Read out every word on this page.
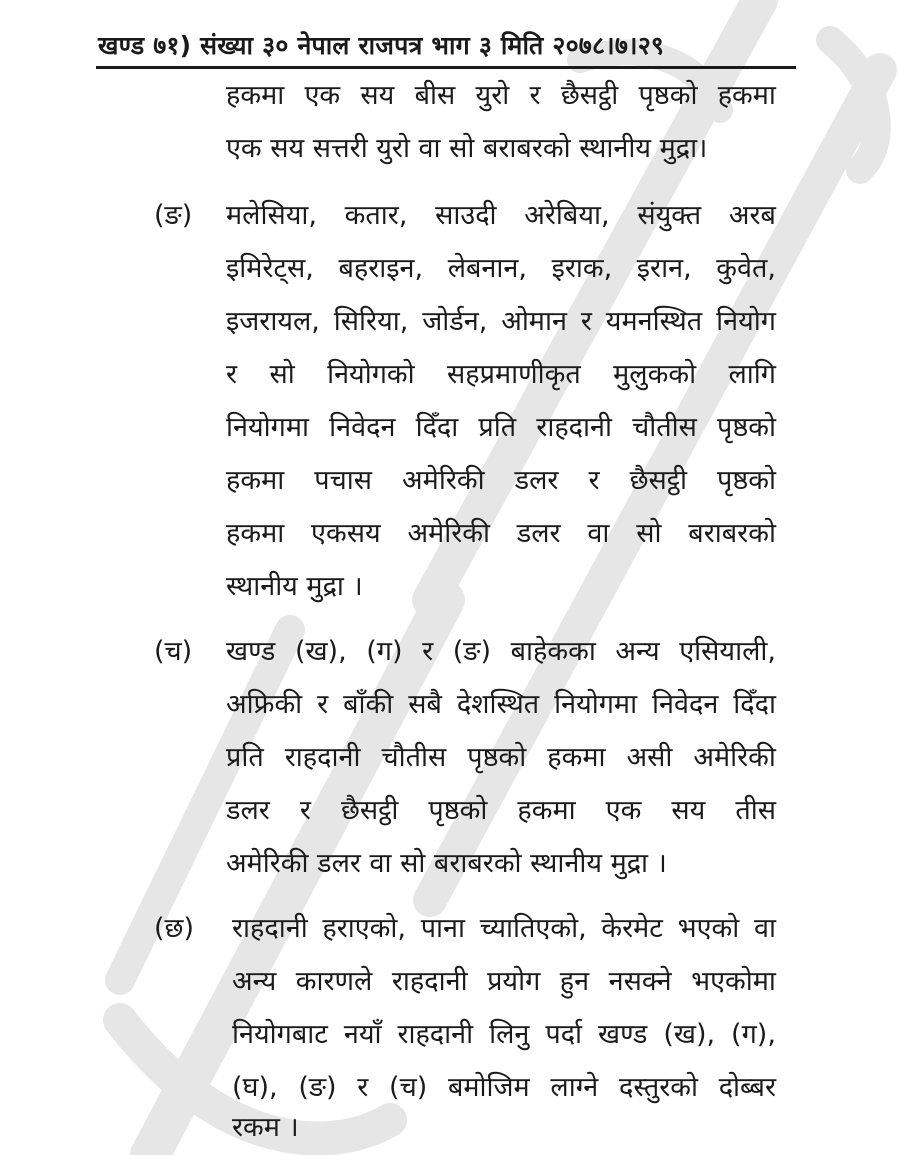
खण्ड ७१) संख्या ३० नेपाल राजपत्र भाग ३ मिति २०७८।७।२९
हकमा एक सय बीस युरो र छैसट्ठी पृष्ठको हकमा
एक सय सत्तरी युरो वा सो बराबरको स्थानीय मुद्रा।
(ङ) मलेसिया, कतार, साउदी अरेबिया, संयुक्त अरब
इमिरेट्स, बहराइन, लेबनान, इराक, इरान, कुवेत,
इजरायल, सिरिया, जोर्डन, ओमान र यमनस्थित नियोग
र सो नियोगको सहप्रमाणीकृत मुलुकको लागि
नियोगमा निवेदन दिँदा प्रति राहदानी चौतीस पृष्ठको
हकमा पचास अमेरिकी डलर र छैसट्ठी पृष्ठको
हकमा एकसय अमेरिकी डलर वा सो बराबरको
स्थानीय मुद्रा ।
(च) खण्ड (ख), (ग) र (ङ) बाहेकका अन्य एसियाली,
अफ्रिकी र बाँकी सबै देशस्थित नियोगमा निवेदन दिँदा
प्रति राहदानी चौतीस पृष्ठको हकमा असी अमेरिकी
डलर र छैसट्ठी पृष्ठको हकमा एक सय तीस
अमेरिकी डलर वा सो बराबरको स्थानीय मुद्रा ।
(छ) राहदानी हराएको, पाना च्यातिएको, केरमेट भएको वा
अन्य कारणले राहदानी प्रयोग हुन नसक्ने भएकोमा
नियोगबाट नयाँ राहदानी लिनु पर्दा खण्ड (ख), (ग),
(घ), (ङ) र (च) बमोजिम लाग्ने दस्तुरको दोब्बर
रकम ।
